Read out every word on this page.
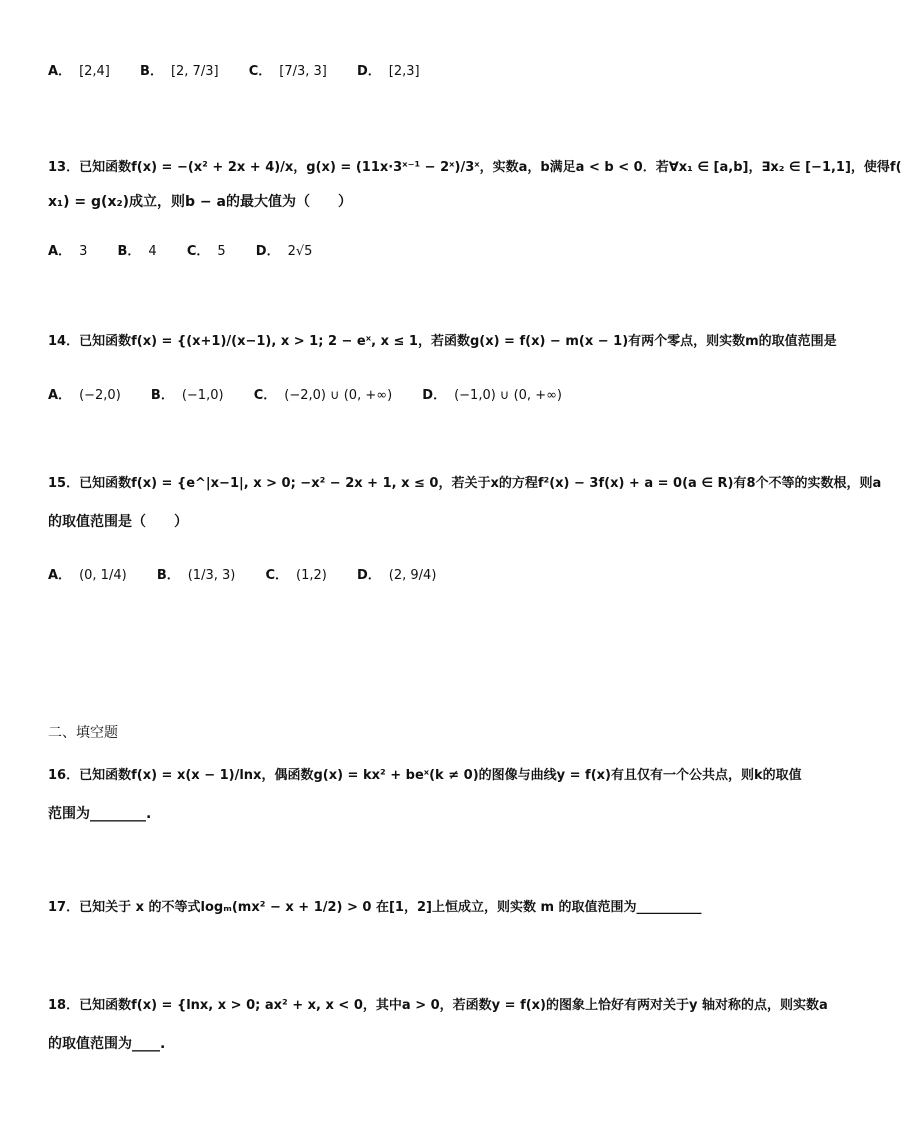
A． [2,4] B． [2, 7/3] C． [7/3, 3] D． [2,3]
13．已知函数f(x) = −(x² + 2x + 4)/x，g(x) = (11x·3ˣ⁻¹ − 2ˣ)/3ˣ，实数a，b满足a < b < 0．若∀x₁ ∈ [a,b]，∃x₂ ∈ [−1,1]，使得f(
x₁) = g(x₂)成立，则b − a的最大值为（　　）
A． 3 B． 4 C． 5 D． 2√5
14．已知函数f(x) = {(x+1)/(x−1), x > 1; 2 − eˣ, x ≤ 1，若函数g(x) = f(x) − m(x − 1)有两个零点，则实数m的取值范围是
A． (−2,0) B． (−1,0) C． (−2,0) ∪ (0, +∞) D． (−1,0) ∪ (0, +∞)
15．已知函数f(x) = {e^|x−1|, x > 0; −x² − 2x + 1, x ≤ 0，若关于x的方程f²(x) − 3f(x) + a = 0(a ∈ R)有8个不等的实数根，则a
的取值范围是（　　）
A． (0, 1/4) B． (1/3, 3) C． (1,2) D． (2, 9/4)
二、填空题
16．已知函数f(x) = x(x − 1)/lnx，偶函数g(x) = kx² + beˣ(k ≠ 0)的图像与曲线y = f(x)有且仅有一个公共点，则k的取值
范围为________.
17．已知关于 x 的不等式logₘ(mx² − x + 1/2) > 0 在[1，2]上恒成立，则实数 m 的取值范围为__________
18．已知函数f(x) = {lnx, x > 0; ax² + x, x < 0，其中a > 0，若函数y = f(x)的图象上恰好有两对关于y 轴对称的点，则实数a
的取值范围为____.
